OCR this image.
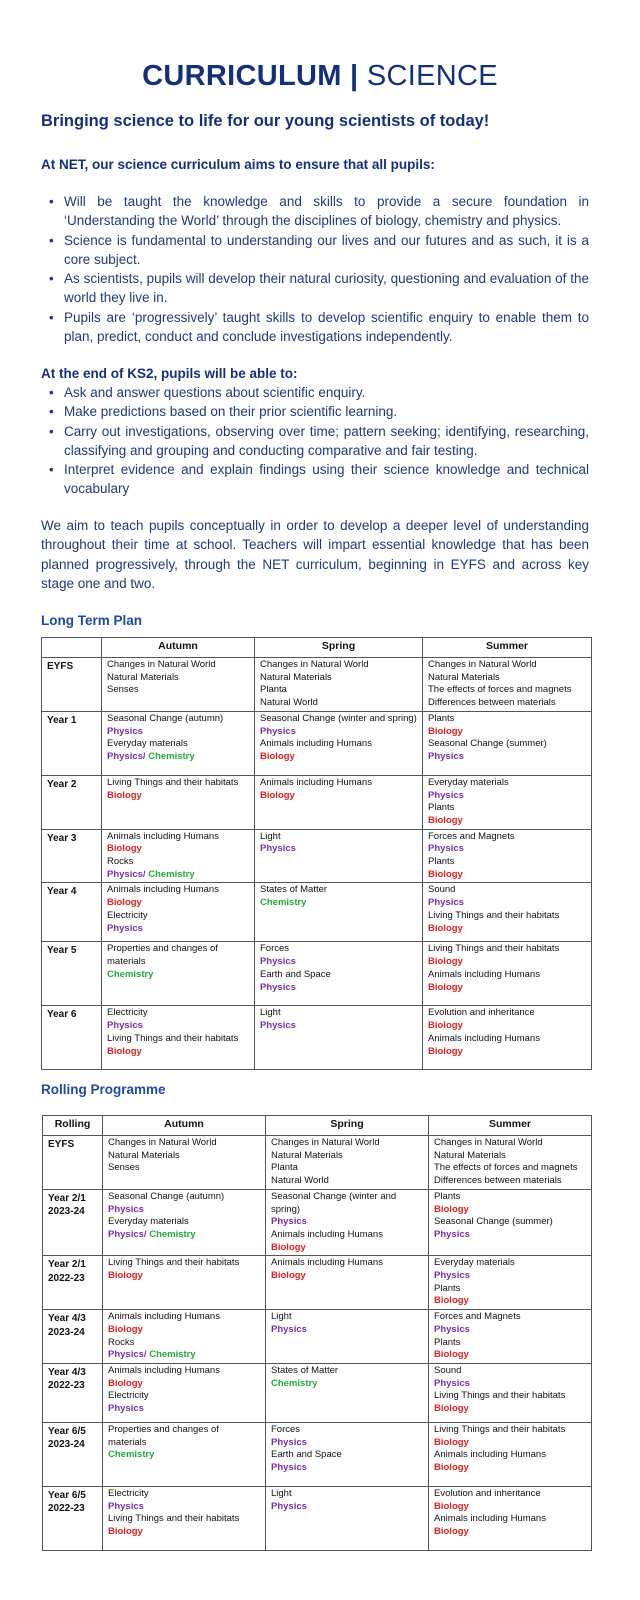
CURRICULUM | SCIENCE
Bringing science to life for our young scientists of today!
At NET, our science curriculum aims to ensure that all pupils:
• Will be taught the knowledge and skills to provide a secure foundation in ‘Understanding the World’ through the disciplines of biology, chemistry and physics.
• Science is fundamental to understanding our lives and our futures and as such, it is a core subject.
• As scientists, pupils will develop their natural curiosity, questioning and evaluation of the world they live in.
• Pupils are ‘progressively’ taught skills to develop scientific enquiry to enable them to plan, predict, conduct and conclude investigations independently.
At the end of KS2, pupils will be able to:
• Ask and answer questions about scientific enquiry.
• Make predictions based on their prior scientific learning.
• Carry out investigations, observing over time; pattern seeking; identifying, researching, classifying and grouping and conducting comparative and fair testing.
• Interpret evidence and explain findings using their science knowledge and technical vocabulary

We aim to teach pupils conceptually in order to develop a deeper level of understanding throughout their time at school. Teachers will impart essential knowledge that has been planned progressively, through the NET curriculum, beginning in EYFS and across key stage one and two.

Long Term Plan
	Autumn	Spring	Summer

EYFS	Changes in Natural World
Natural Materials
Senses	Changes in Natural World
Natural Materials
Planta
Natural World	Changes in Natural World
Natural Materials
The effects of forces and magnets
Differences between materials

Year 1	Seasonal Change (autumn)
Physics
Everyday materials
Physics/ Chemistry	Seasonal Change (winter and spring)
Physics
Animals including Humans
Biology	Plants
Biology
Seasonal Change (summer)
Physics

Year 2	Living Things and their habitats
Biology	Animals including Humans
Biology	Everyday materials
Physics
Plants
Biology

Year 3	Animals including Humans
Biology
Rocks
Physics/ Chemistry	Light
Physics	Forces and Magnets
Physics
Plants
Biology

Year 4	Animals including Humans
Biology
Electricity
Physics	States of Matter
Chemistry	Sound
Physics
Living Things and their habitats
Biology

Year 5	Properties and changes of
materials
Chemistry	Forces
Physics
Earth and Space
Physics	Living Things and their habitats
Biology
Animals including Humans
Biology

Year 6	Electricity
Physics
Living Things and their habitats
Biology	Light
Physics	Evolution and inheritance
Biology
Animals including Humans
Biology
Rolling Programme
Rolling	Autumn	Spring	Summer

EYFS	Changes in Natural World
Natural Materials
Senses	Changes in Natural World
Natural Materials
Planta
Natural World	Changes in Natural World
Natural Materials
The effects of forces and magnets
Differences between materials

Year 2/1
2023-24	Seasonal Change (autumn)
Physics
Everyday materials
Physics/ Chemistry	Seasonal Change (winter and
spring)
Physics
Animals including Humans
Biology	Plants
Biology
Seasonal Change (summer)
Physics

Year 2/1
2022-23	Living Things and their habitats
Biology	Animals including Humans
Biology	Everyday materials
Physics
Plants
Biology

Year 4/3
2023-24	Animals including Humans
Biology
Rocks
Physics/ Chemistry	Light
Physics	Forces and Magnets
Physics
Plants
Biology

Year 4/3
2022-23	Animals including Humans
Biology
Electricity
Physics	States of Matter
Chemistry	Sound
Physics
Living Things and their habitats
Biology

Year 6/5
2023-24	Properties and changes of
materials
Chemistry	Forces
Physics
Earth and Space
Physics	Living Things and their habitats
Biology
Animals including Humans
Biology

Year 6/5
2022-23	Electricity
Physics
Living Things and their habitats
Biology	Light
Physics	Evolution and inheritance
Biology
Animals including Humans
Biology
